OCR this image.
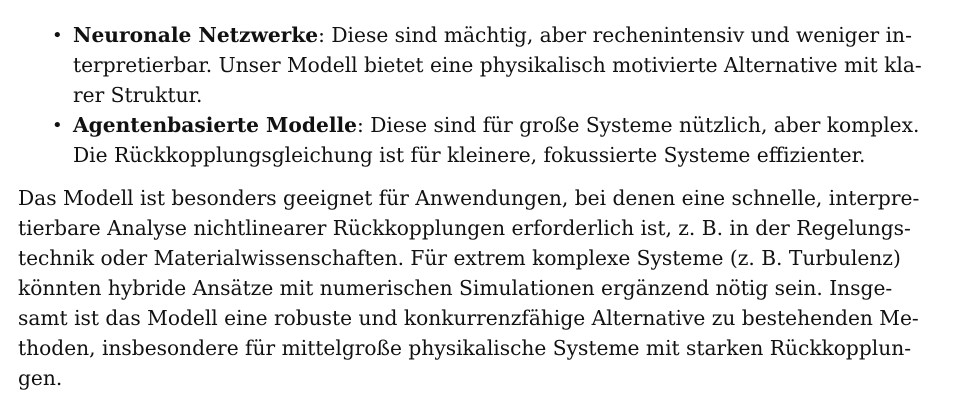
• Neuronale Netzwerke: Diese sind mächtig, aber rechenintensiv und weniger in-
terpretierbar. Unser Modell bietet eine physikalisch motivierte Alternative mit kla-
rer Struktur.
• Agentenbasierte Modelle: Diese sind für große Systeme nützlich, aber komplex.
Die Rückkopplungsgleichung ist für kleinere, fokussierte Systeme effizienter.
Das Modell ist besonders geeignet für Anwendungen, bei denen eine schnelle, interpre-
tierbare Analyse nichtlinearer Rückkopplungen erforderlich ist, z. B. in der Regelungs-
technik oder Materialwissenschaften. Für extrem komplexe Systeme (z. B. Turbulenz)
könnten hybride Ansätze mit numerischen Simulationen ergänzend nötig sein. Insge-
samt ist das Modell eine robuste und konkurrenzfähige Alternative zu bestehenden Me-
thoden, insbesondere für mittelgroße physikalische Systeme mit starken Rückkopplun-
gen.
